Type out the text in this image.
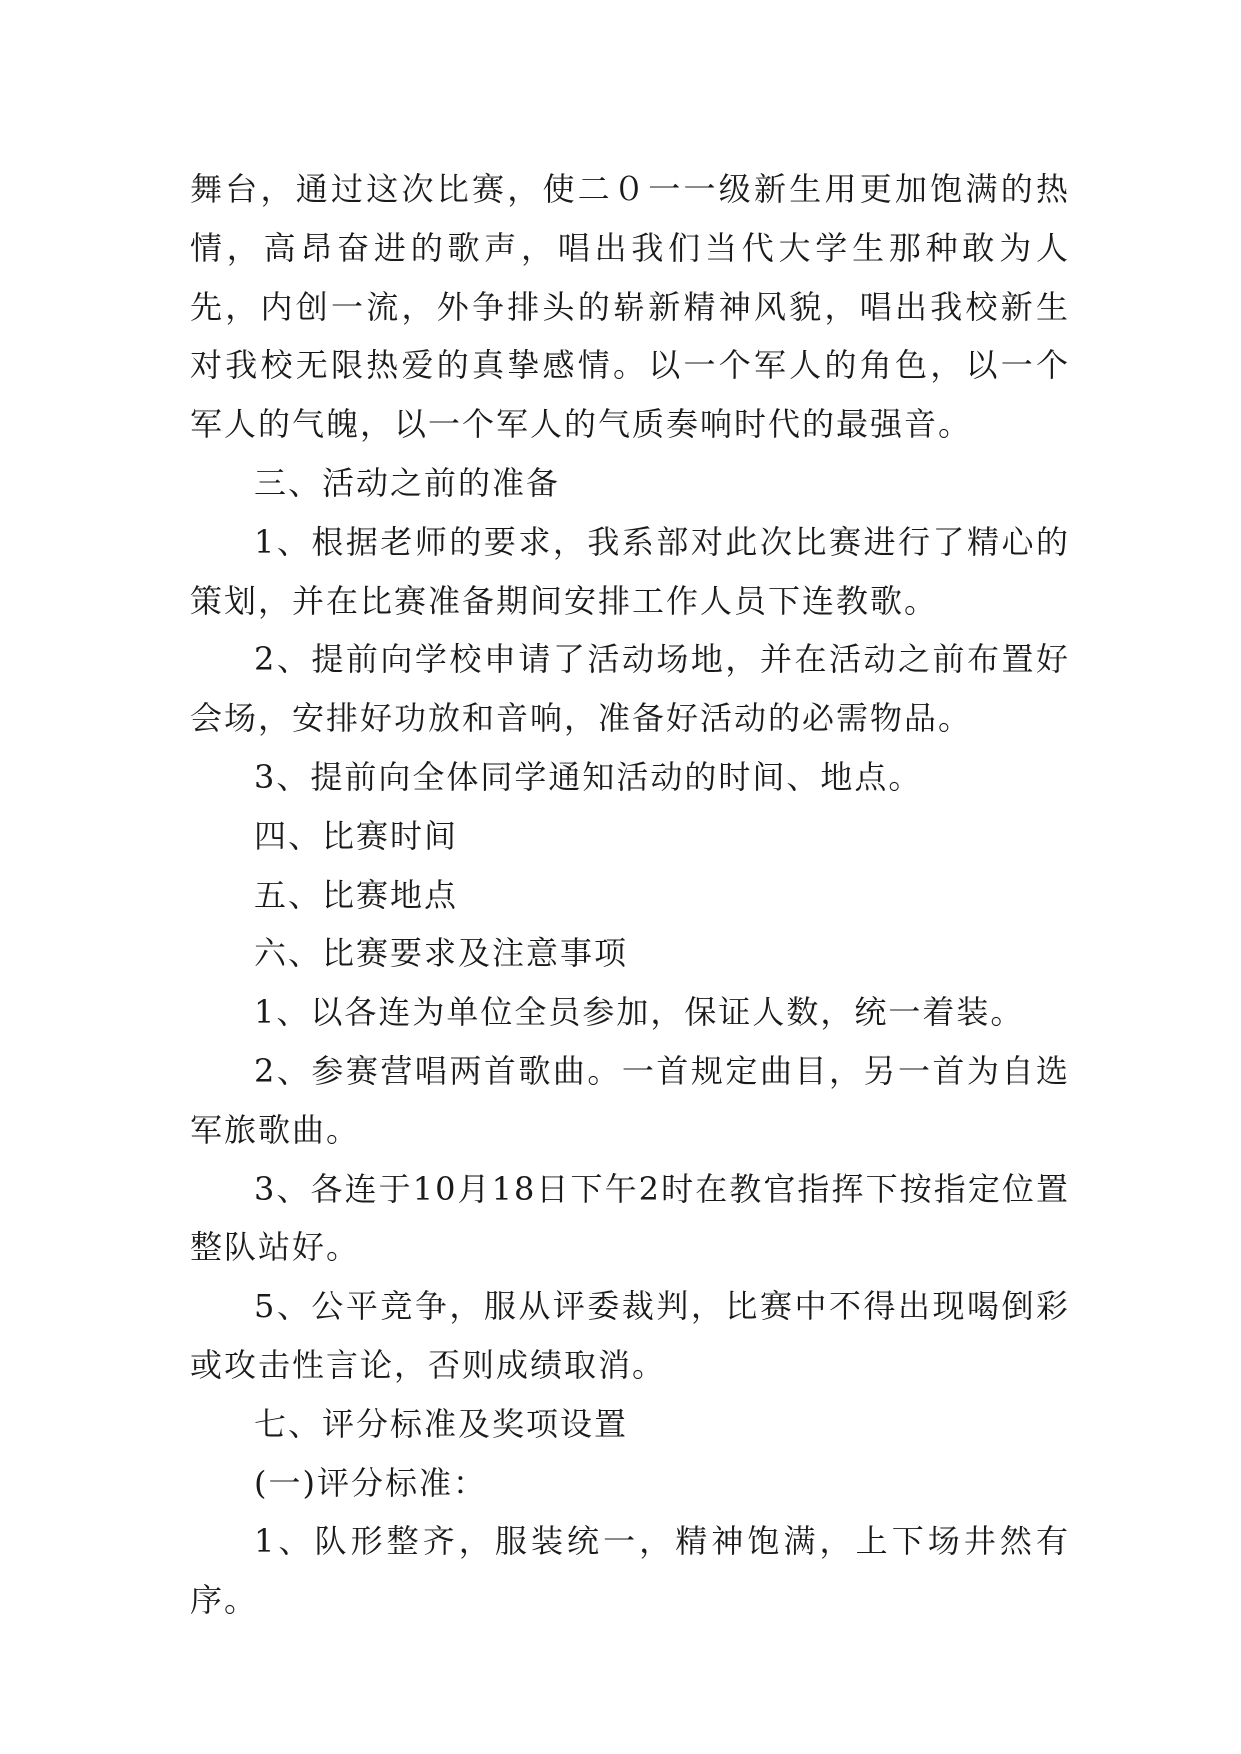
舞台，通过这次比赛，使二０一一级新生用更加饱满的热情，高昂奋进的歌声，唱出我们当代大学生那种敢为人先，内创一流，外争排头的崭新精神风貌，唱出我校新生对我校无限热爱的真挚感情。以一个军人的角色，以一个军人的气魄，以一个军人的气质奏响时代的最强音。

三、活动之前的准备

1、根据老师的要求，我系部对此次比赛进行了精心的策划，并在比赛准备期间安排工作人员下连教歌。

2、提前向学校申请了活动场地，并在活动之前布置好会场，安排好功放和音响，准备好活动的必需物品。

3、提前向全体同学通知活动的时间、地点。

四、比赛时间

五、比赛地点

六、比赛要求及注意事项

1、以各连为单位全员参加，保证人数，统一着装。

2、参赛营唱两首歌曲。一首规定曲目，另一首为自选军旅歌曲。

3、各连于10月18日下午2时在教官指挥下按指定位置整队站好。

5、公平竞争，服从评委裁判，比赛中不得出现喝倒彩或攻击性言论，否则成绩取消。

七、评分标准及奖项设置

(一)评分标准：

1、队形整齐，服装统一，精神饱满，上下场井然有序。
